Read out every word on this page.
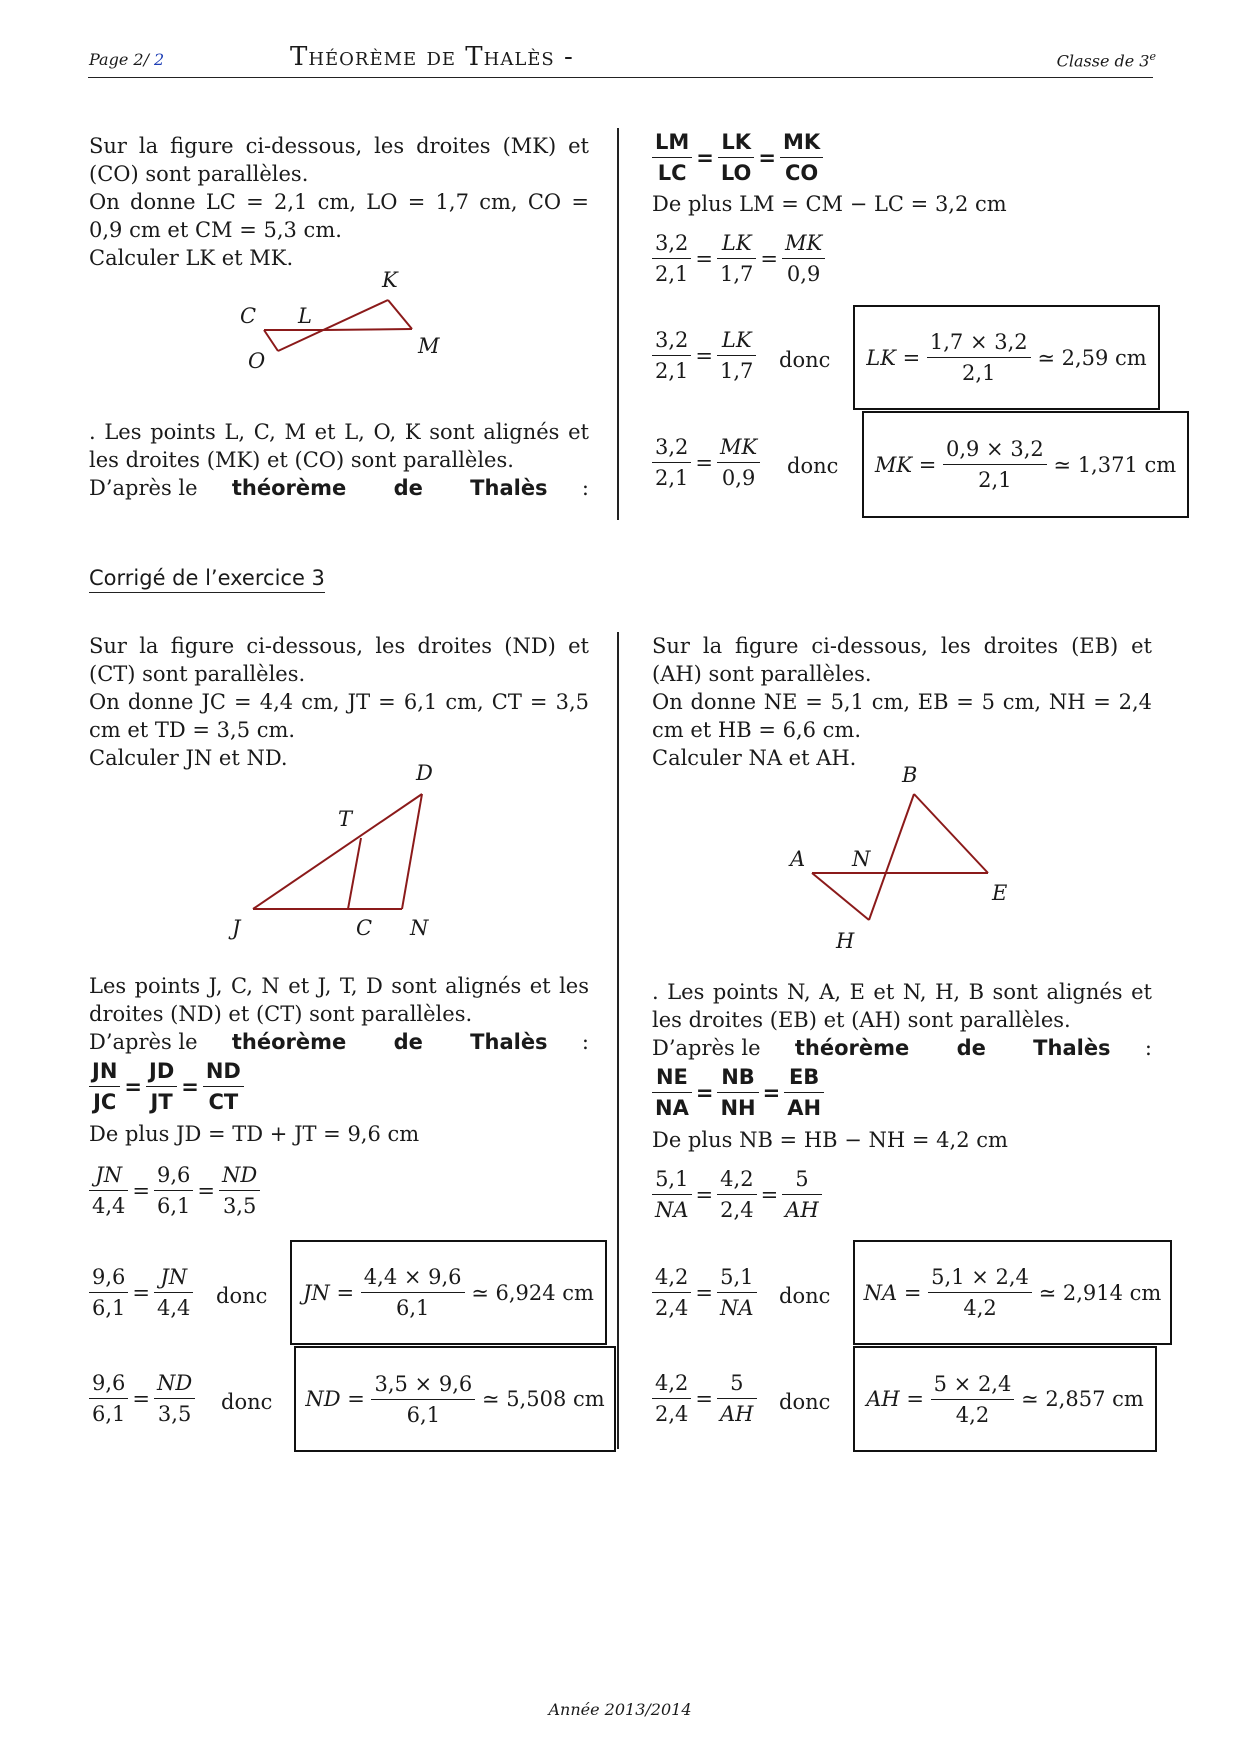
Page 2/ 2	Théorème de Thalès -	Classe de 3e
Sur la figure ci-dessous, les droites (MK) et (CO) sont parallèles.
On donne LC = 2,1 cm, LO = 1,7 cm, CO = 0,9 cm et CM = 5,3 cm.
Calculer LK et MK.
K
C L
O
M
. Les points L, C, M et L, O, K sont alignés et les droites (MK) et (CO) sont parallèles.
D’après le théorème de Thalès :
$\frac{LM}{LC} = \frac{LK}{LO} = \frac{MK}{CO}$
De plus LM = CM − LC = 3,2 cm
$\frac{3,2}{2,1} = \frac{LK}{1,7} = \frac{MK}{0,9}$
$\frac{3,2}{2,1} = \frac{LK}{1,7}$ donc LK =
$\frac{1,7 \times 3,2}{2,1}$
≃ 2,59 cm
$\frac{3,2}{2,1} = \frac{MK}{0,9}$ donc MK =
$\frac{0,9 \times 3,2}{2,1}$
≃ 1,371 cm
Corrigé de l’exercice 3
Sur la figure ci-dessous, les droites (ND) et (CT) sont parallèles.
On donne JC = 4,4 cm, JT = 6,1 cm, CT = 3,5 cm et TD = 3,5 cm.
Calculer JN et ND.
D
T
J	C N
Les points J, C, N et J, T, D sont alignés et les droites (ND) et (CT) sont parallèles.
D’après le théorème de Thalès :
$\frac{JN}{JC} = \frac{JD}{JT} = \frac{ND}{CT}$
De plus JD = TD + JT = 9,6 cm
$\frac{JN}{4,4} = \frac{9,6}{6,1} = \frac{ND}{3,5}$
$\frac{9,6}{6,1} = \frac{JN}{4,4}$ donc JN =
$\frac{4,4 \times 9,6}{6,1}$
≃ 6,924 cm
$\frac{9,6}{6,1} = \frac{ND}{3,5}$ donc ND =
$\frac{3,5 \times 9,6}{6,1}$
≃ 5,508 cm
Sur la figure ci-dessous, les droites (EB) et (AH) sont parallèles.
On donne NE = 5,1 cm, EB = 5 cm, NH = 2,4 cm et HB = 6,6 cm.
Calculer NA et AH.
B
A N
E
H
. Les points N, A, E et N, H, B sont alignés et les droites (EB) et (AH) sont parallèles.
D’après le théorème de Thalès :
$\frac{NE}{NA} = \frac{NB}{NH} = \frac{EB}{AH}$
De plus NB = HB − NH = 4,2 cm
$\frac{5,1}{NA} = \frac{4,2}{2,4} = \frac{5}{AH}$
$\frac{4,2}{2,4} = \frac{5,1}{NA}$ donc NA =
$\frac{5,1 \times 2,4}{4,2}$
≃ 2,914 cm
$\frac{4,2}{2,4} = \frac{5}{AH}$ donc AH =
$\frac{5 \times 2,4}{4,2}$
≃ 2,857 cm
Année 2013/2014
